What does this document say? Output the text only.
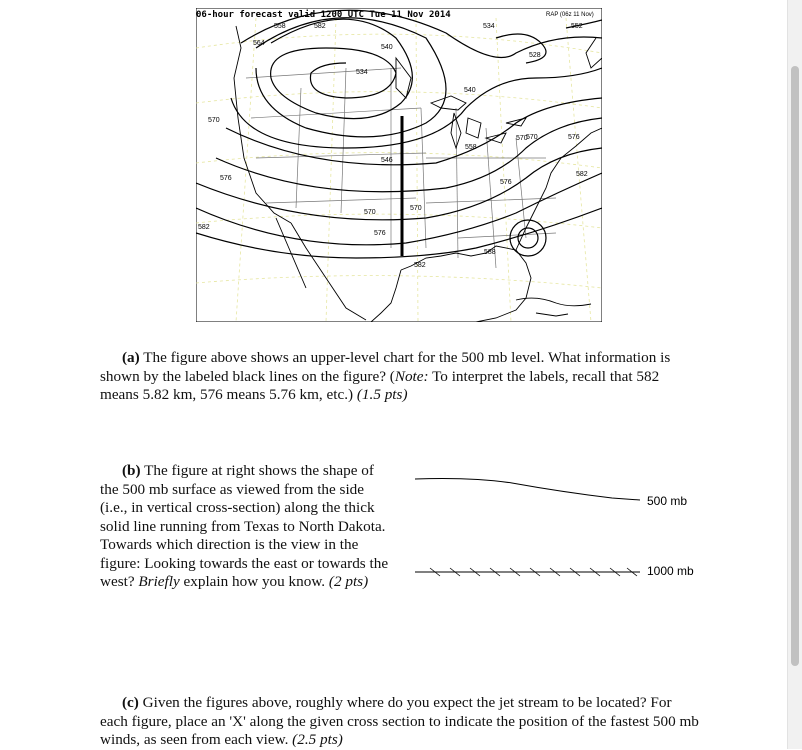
06-hour forecast valid 1200 UTC Tue 11 Nov 2014	RAP (06z 11 Nov)
558	582
564
570
576
582
540
534
540
534
528
552
558
570	576
582
546
570
570
576
582
588
576
570

(a) The figure above shows an upper-level chart for the 500 mb level. What information is shown by the labeled black lines on the figure? (Note: To interpret the labels, recall that 582 means 5.82 km, 576 means 5.76 km, etc.) (1.5 pts)

(b) The figure at right shows the shape of the 500 mb surface as viewed from the side (i.e., in vertical cross-section) along the thick solid line running from Texas to North Dakota. Towards which direction is the view in the figure: Looking towards the east or towards the west? Briefly explain how you know. (2 pts)

500 mb
1000 mb

(c) Given the figures above, roughly where do you expect the jet stream to be located? For each figure, place an 'X' along the given cross section to indicate the position of the fastest 500 mb winds, as seen from each view. (2.5 pts)
